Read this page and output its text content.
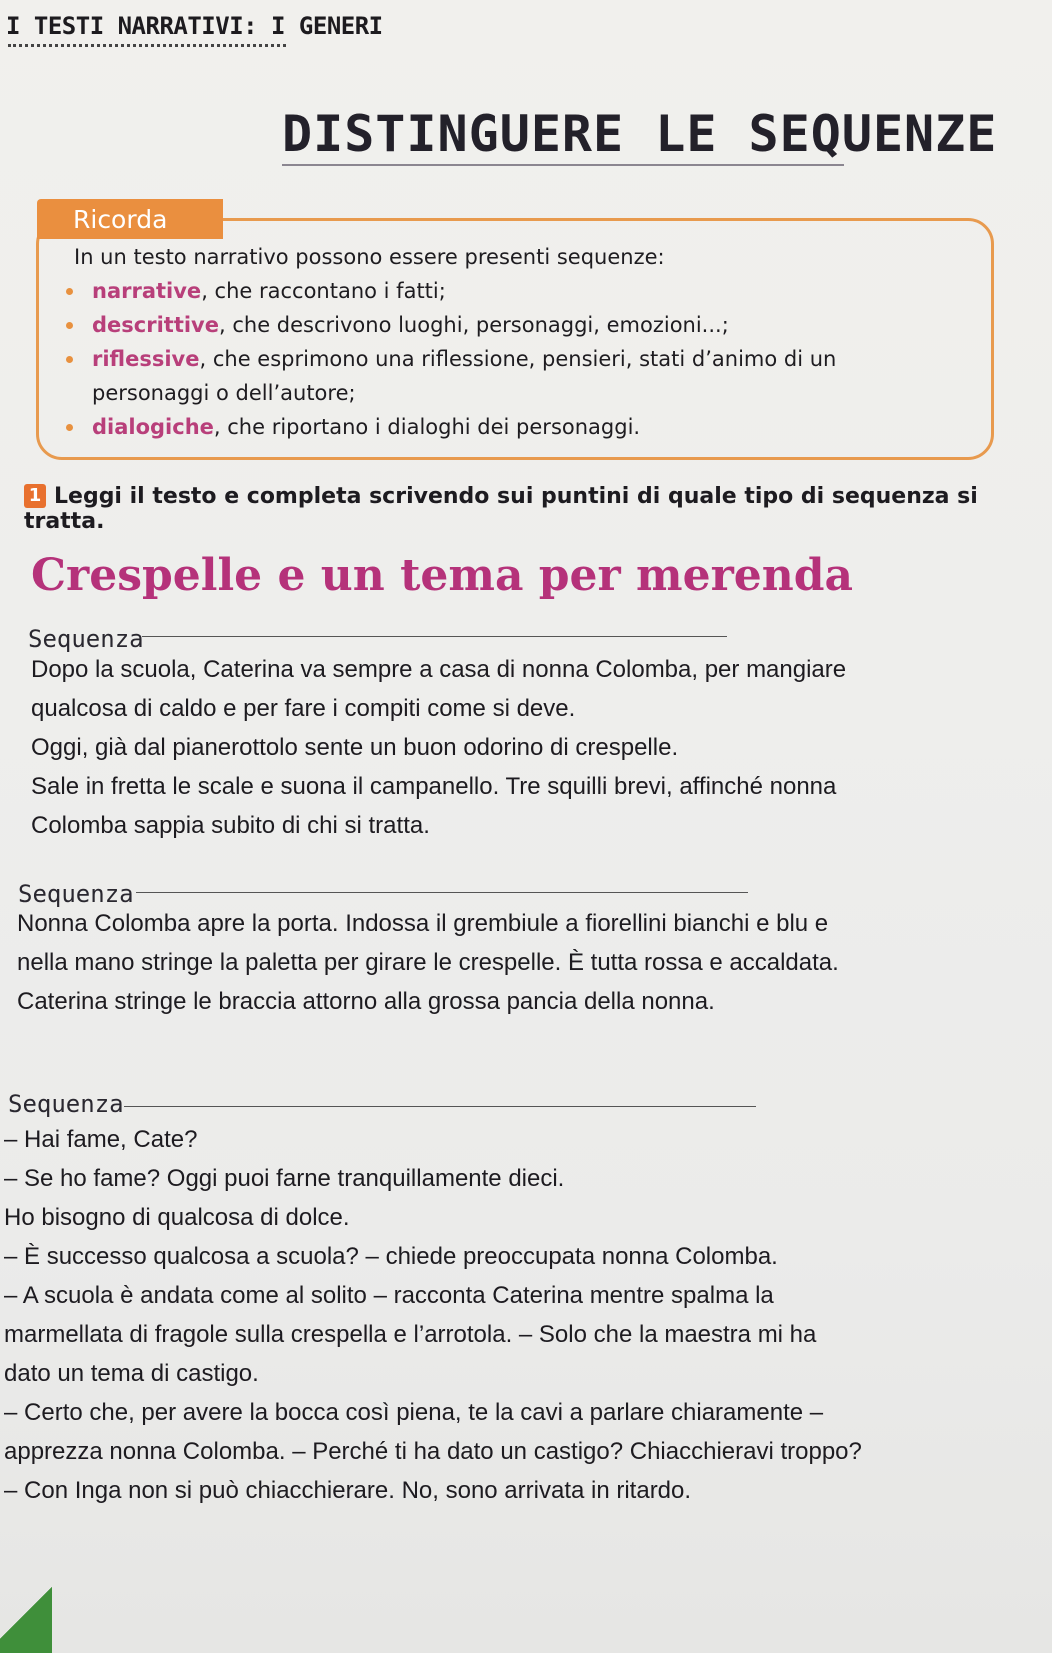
I TESTI NARRATIVI: I GENERI
DISTINGUERE LE SEQUENZE
Ricorda

In un testo narrativo possono essere presenti sequenze:

narrative, che raccontano i fatti;
descrittive, che descrivono luoghi, personaggi, emozioni...;
riflessive, che esprimono una riflessione, pensieri, stati d’animo di un
personaggi o dell’autore;
dialogiche, che riportano i dialoghi dei personaggi.
1 Leggi il testo e completa scrivendo sui puntini di quale tipo di sequenza si tratta.
Crespelle e un tema per merenda
Sequenza
Dopo la scuola, Caterina va sempre a casa di nonna Colomba, per mangiare
qualcosa di caldo e per fare i compiti come si deve.
Oggi, già dal pianerottolo sente un buon odorino di crespelle.
Sale in fretta le scale e suona il campanello. Tre squilli brevi, affinché nonna
Colomba sappia subito di chi si tratta.
Sequenza
Nonna Colomba apre la porta. Indossa il grembiule a fiorellini bianchi e blu e
nella mano stringe la paletta per girare le crespelle. È tutta rossa e accaldata.
Caterina stringe le braccia attorno alla grossa pancia della nonna.
Sequenza
– Hai fame, Cate?
– Se ho fame? Oggi puoi farne tranquillamente dieci.
Ho bisogno di qualcosa di dolce.
– È successo qualcosa a scuola? – chiede preoccupata nonna Colomba.
– A scuola è andata come al solito – racconta Caterina mentre spalma la
marmellata di fragole sulla crespella e l’arrotola. – Solo che la maestra mi ha
dato un tema di castigo.
– Certo che, per avere la bocca così piena, te la cavi a parlare chiaramente –
apprezza nonna Colomba. – Perché ti ha dato un castigo? Chiacchieravi troppo?
– Con Inga non si può chiacchierare. No, sono arrivata in ritardo.
